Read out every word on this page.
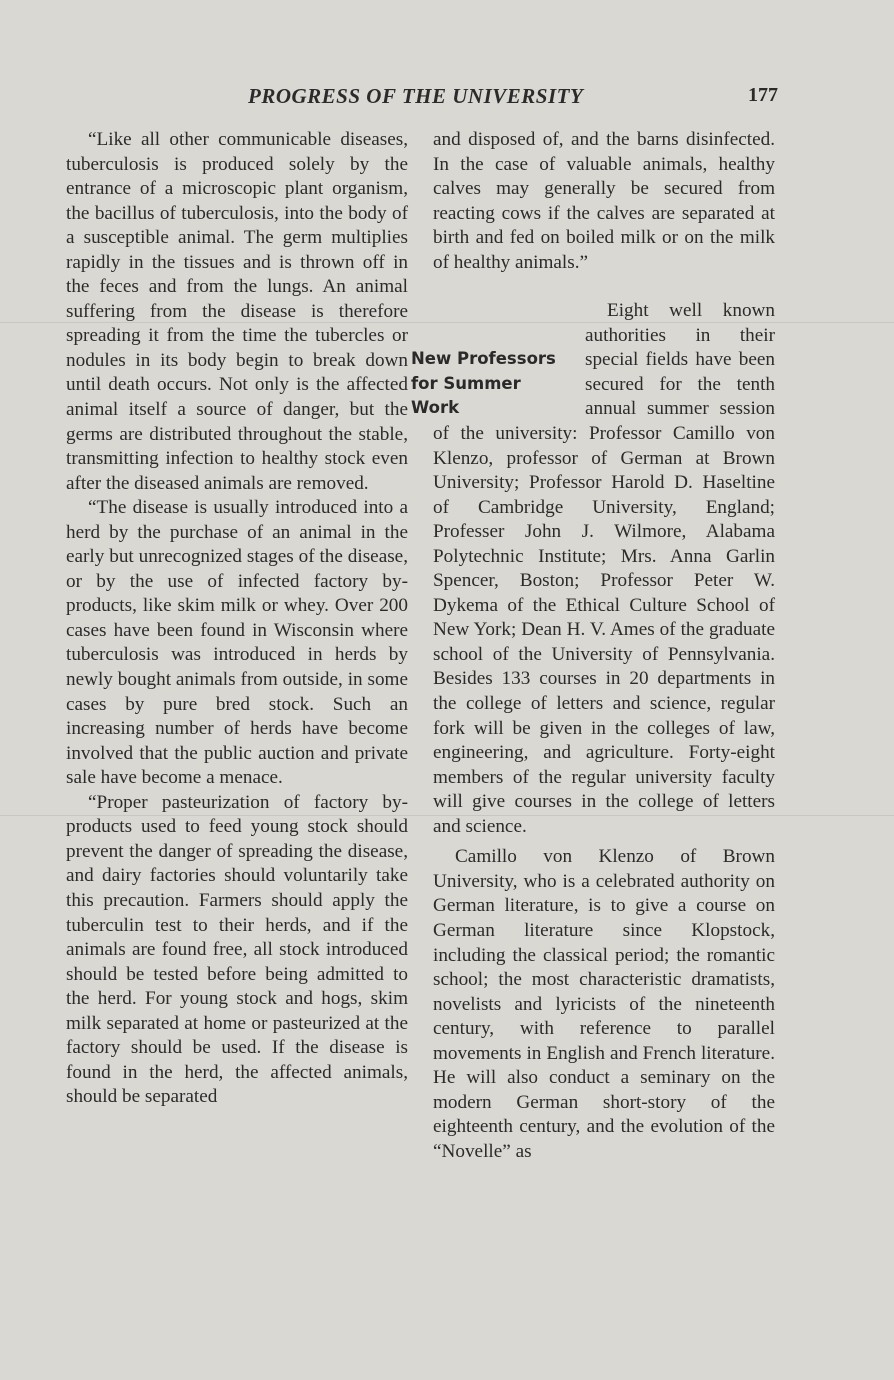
PROGRESS OF THE UNIVERSITY	177

“Like all other communicable diseases, tuberculosis is produced solely by the entrance of a microscopic plant organism, the bacillus of tuberculosis, into the body of a susceptible animal. The germ multiplies rapidly in the tissues and is thrown off in the feces and from the lungs. An animal suffering from the disease is therefore spreading it from the time the tubercles or nodules in its body begin to break down until death occurs. Not only is the affected animal itself a source of danger, but the germs are distributed throughout the stable, transmitting infection to healthy stock even after the diseased animals are removed.

“The disease is usually introduced into a herd by the purchase of an animal in the early but unrecognized stages of the disease, or by the use of infected factory by-products, like skim milk or whey. Over 200 cases have been found in Wisconsin where tuberculosis was introduced in herds by newly bought animals from outside, in some cases by pure bred stock. Such an increasing number of herds have become involved that the public auction and private sale have become a menace.

“Proper pasteurization of factory by-products used to feed young stock should prevent the danger of spreading the disease, and dairy factories should voluntarily take this precaution. Farmers should apply the tuberculin test to their herds, and if the animals are found free, all stock introduced should be tested before being admitted to the herd. For young stock and hogs, skim milk separated at home or pasteurized at the factory should be used. If the disease is found in the herd, the affected animals, should be separated

and disposed of, and the barns disinfected. In the case of valuable animals, healthy calves may generally be secured from reacting cows if the calves are separated at birth and fed on boiled milk or on the milk of healthy animals.”

New Professors
for Summer
Work
Eight well known authorities in their special fields have been secured for the tenth annual summer session of the university: Professor Camillo von Klenzo, professor of German at Brown University; Professor Harold D. Haseltine of Cambridge University, England; Professer John J. Wilmore, Alabama Polytechnic Institute; Mrs. Anna Garlin Spencer, Boston; Professor Peter W. Dykema of the Ethical Culture School of New York; Dean H. V. Ames of the graduate school of the University of Pennsylvania. Besides 133 courses in 20 departments in the college of letters and science, regular fork will be given in the colleges of law, engineering, and agriculture. Forty-eight members of the regular university faculty will give courses in the college of letters and science.

Camillo von Klenzo of Brown University, who is a celebrated authority on German literature, is to give a course on German literature since Klopstock, including the classical period; the romantic school; the most characteristic dramatists, novelists and lyricists of the nineteenth century, with reference to parallel movements in English and French literature. He will also conduct a seminary on the modern German short-story of the eighteenth century, and the evolution of the “Novelle” as
